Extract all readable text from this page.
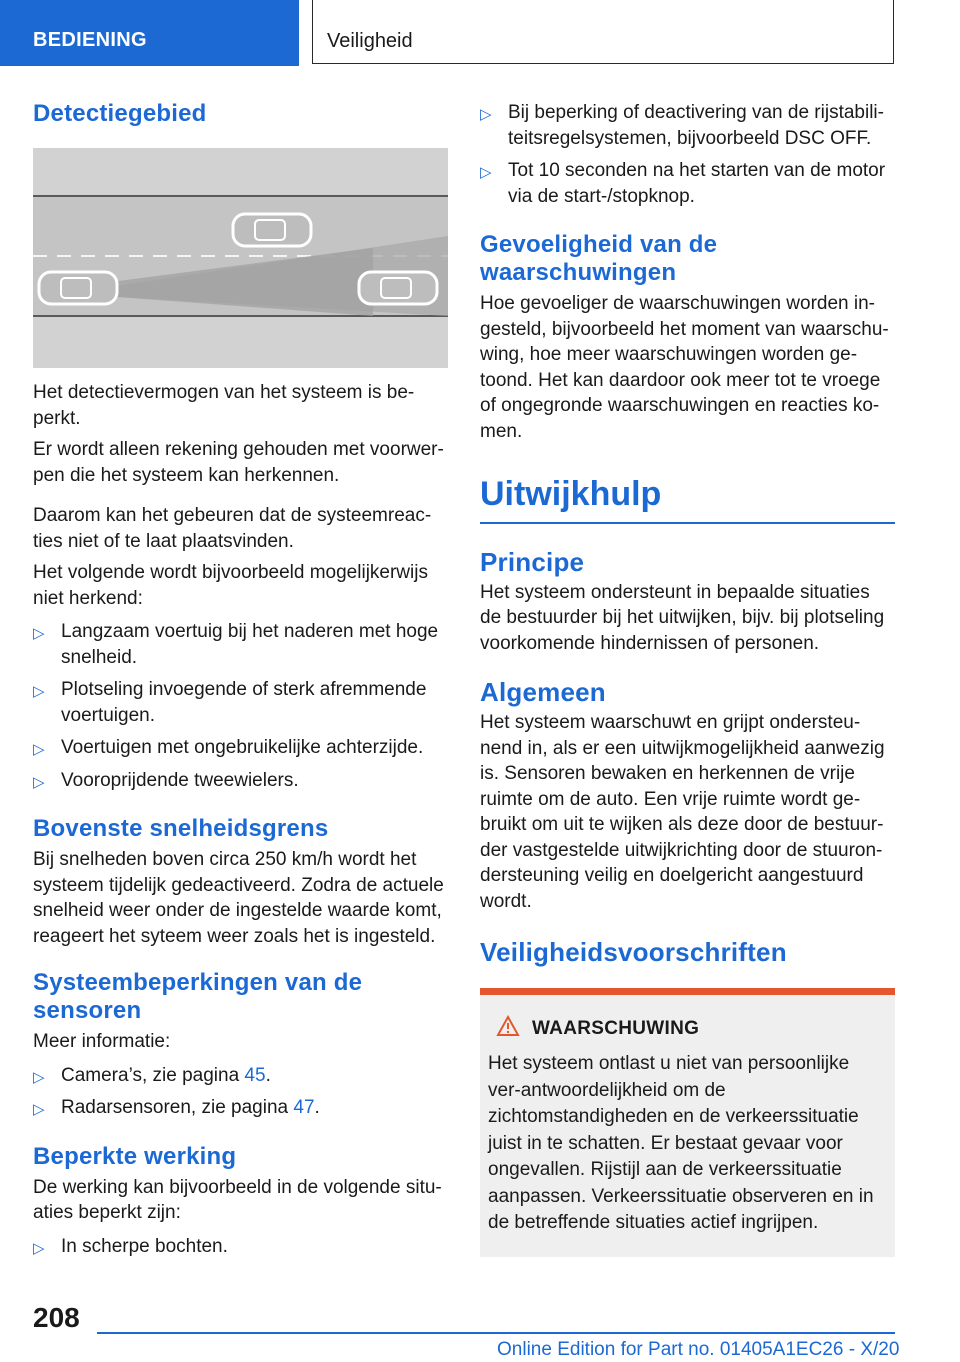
BEDIENING	Veiligheid
Detectiegebied

Het detectievermogen van het systeem is be-perkt.

Er wordt alleen rekening gehouden met voorwer-pen die het systeem kan herkennen.

Daarom kan het gebeuren dat de systeemreac-ties niet of te laat plaatsvinden.

Het volgende wordt bijvoorbeeld mogelijkerwijs niet herkend:

▷ Langzaam voertuig bij het naderen met hoge snelheid.
▷ Plotseling invoegende of sterk afremmende voertuigen.
▷ Voertuigen met ongebruikelijke achterzijde.
▷ Vooroprijdende tweewielers.
Bovenste snelheidsgrens

Bij snelheden boven circa 250 km/h wordt het systeem tijdelijk gedeactiveerd. Zodra de actuele snelheid weer onder de ingestelde waarde komt, reageert het syteem weer zoals het is ingesteld.

Systeembeperkingen van de sensoren

Meer informatie:

▷ Camera’s, zie pagina 45.
▷ Radarsensoren, zie pagina 47.
Beperkte werking

De werking kan bijvoorbeeld in de volgende situ-aties beperkt zijn:

▷ In scherpe bochten.
▷ Bij beperking of deactivering van de rijstabili-teitsregelsystemen, bijvoorbeeld DSC OFF.
▷ Tot 10 seconden na het starten van de motor via de start-/stopknop.
Gevoeligheid van de waarschuwingen

Hoe gevoeliger de waarschuwingen worden in-gesteld, bijvoorbeeld het moment van waarschu-wing, hoe meer waarschuwingen worden ge-toond. Het kan daardoor ook meer tot te vroege of ongegronde waarschuwingen en reacties ko-men.

Uitwijkhulp
Principe

Het systeem ondersteunt in bepaalde situaties de bestuurder bij het uitwijken, bijv. bij plotseling voorkomende hindernissen of personen.

Algemeen

Het systeem waarschuwt en grijpt ondersteu-nend in, als er een uitwijkmogelijkheid aanwezig is. Sensoren bewaken en herkennen de vrije ruimte om de auto. Een vrije ruimte wordt ge-bruikt om uit te wijken als deze door de bestuur-der vastgestelde uitwijkrichting door de stuuron-dersteuning veilig en doelgericht aangestuurd wordt.

Veiligheidsvoorschriften
WAARSCHUWING

Het systeem ontlast u niet van persoonlijke ver-antwoordelijkheid om de zichtomstandigheden en de verkeerssituatie juist in te schatten. Er bestaat gevaar voor ongevallen. Rijstijl aan de verkeerssituatie aanpassen. Verkeerssituatie observeren en in de betreffende situaties actief ingrijpen.

208
Online Edition for Part no. 01405A1EC26 - X/20
